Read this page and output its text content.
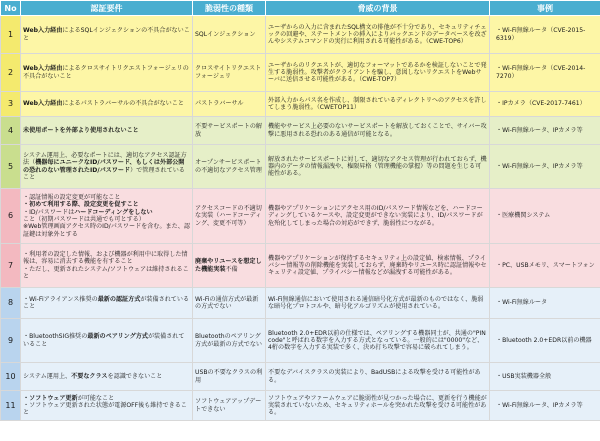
No	認証要件	脆弱性の種類	脅威の背景	事例
1	Web入力経由によるSQLインジェクションの不具合がないこと	SQLインジェクション	ユーザからの入力に含まれたSQL構文の排他が不十分であり、セキュリティチェックの回避や、ステートメントの挿入によりバックエンドのデータベースを改ざんやシステムコマンドの実行に利用される可能性がある。（CWE-TOP6）	・Wi-Fi無線ルータ（CVE-2015-6319）
2	Web入力経由によるクロスサイトリクエストフォージェリの不具合がないこと	クロスサイトリクエストフォージェリ	ユーザからのリクエストが、適切なフォーマットであるかを検証しないことで発生する脆弱性。攻撃者がクライアントを騙し、意図しないリクエストをWebサーバに送信させる可能性がある。（CWE-TOP7）	・Wi-Fi無線ルータ（CVE-2014-7270）
3	Web入力経由によるパストラバーサルの不具合がないこと	パストラバーサル	外部入力からパス名を作成し、制限されているディレクトリへのアクセスを許してしまう脆弱性。（CWETOP11）	・IPカメラ（CVE-2017-7461）
4	未使用ポートを外部より使用されないこと	不要サービスポートの解放	機能やサービス上必要のないサービスポートを解放しておくことで、サイバー攻撃に悪用される恐れのある通信が可能となる。	・Wi-Fi無線ルータ、IPカメラ等
5	システム運用上、必要なポートには、適切なアクセス認証方法（機器毎にユニークなID/パスワード、もしくは外部公開の恐れのない管理されたID/パスワード）で管理されていること	オープンサービスポートの不適切なアクセス管理	解放されたサービスポートに対して、適切なアクセス管理が行われておらず、機器内のデータの情報漏洩や、権限昇格（管理機能の掌握）等の問題を生じる可能性がある。	・Wi-Fi無線ルータ、IPカメラ等
6	・認証情報の設定変更が可能なこと
・初めて利用する際、設定変更を促すこと
・ID/パスワードはハードコーディングをしない
こと（初期パスワードは共通でも可とする）
※Web管理画面アクセス時のID/パスワードを含む。また、認証鍵は対象外とする	アクセスコードの不適切な実装（ハードコーディング、変更不可等）	機器やアプリケーションにアクセス用のID/パスワード情報などを、ハードコーディングしているケースや、設定変更ができない実装により、ID/パスワードが危殆化してしまった場合の対応ができず、脆弱性につながる。	・医療機関システム
7	・利用者の設定した情報、および機器が利用中に取得した情報は、容易に消去する機能を有すること
・ただし、更新されたシステム/ソフトウェアは維持されること	廃棄やリユースを想定した機能実装不備	機器やアプリケーションが保持するセキュリティ上の設定値、検索情報、プライバシー情報等の削除機能を実装しておらず、廃棄時やリユース時に認証情報やセキュリティ設定値、プライバシー情報などが漏洩する可能性がある。	・PC、USBメモリ、スマートフォン
8	・Wi-Fiアライアンス推奨の最新の認証方式が装備されていること	Wi-Fiの通信方式が最新の方式でない	Wi-Fi無線通信において使用される通信暗号化方式が最新のものではなく、脆弱な暗号化プロトコルや、暗号化アルゴリズムが使用されている。	・Wi-Fi無線ルータ
9	・BluetoothSIG推奨の最新のペアリング方式が装備されていること	Bluetoothのペアリング方式が最新の方式でない	Bluetooth 2.0+EDR以前の仕様では、ペアリングする機器同士が、共通の"PIN code"と呼ばれる数字を入力する方式となっている。一般的には"0000"など、4桁の数字を入力する実装で多く、決め打ち攻撃で容易に破られてしまう。	・Bluetooth 2.0+EDR以前の機器
10	システム運用上、不要なクラスを認識できないこと	USBの不要なクラスの利用	不要なデバイスクラスの実装により、BadUSBによる攻撃を受ける可能性がある。	・USB実装機器全般
11	・ソフトウェア更新が可能なこと
・ソフトウェア更新された状態が電源OFF後も維持できること	ソフトウェアアップデートできない	ソフトウェアやファームウェアに脆弱性が見つかった場合に、更新を行う機能が実装されていないため、セキュリティホールを突かれた攻撃を受ける可能性がある。	・Wi-Fi無線ルータ、IPカメラ等
